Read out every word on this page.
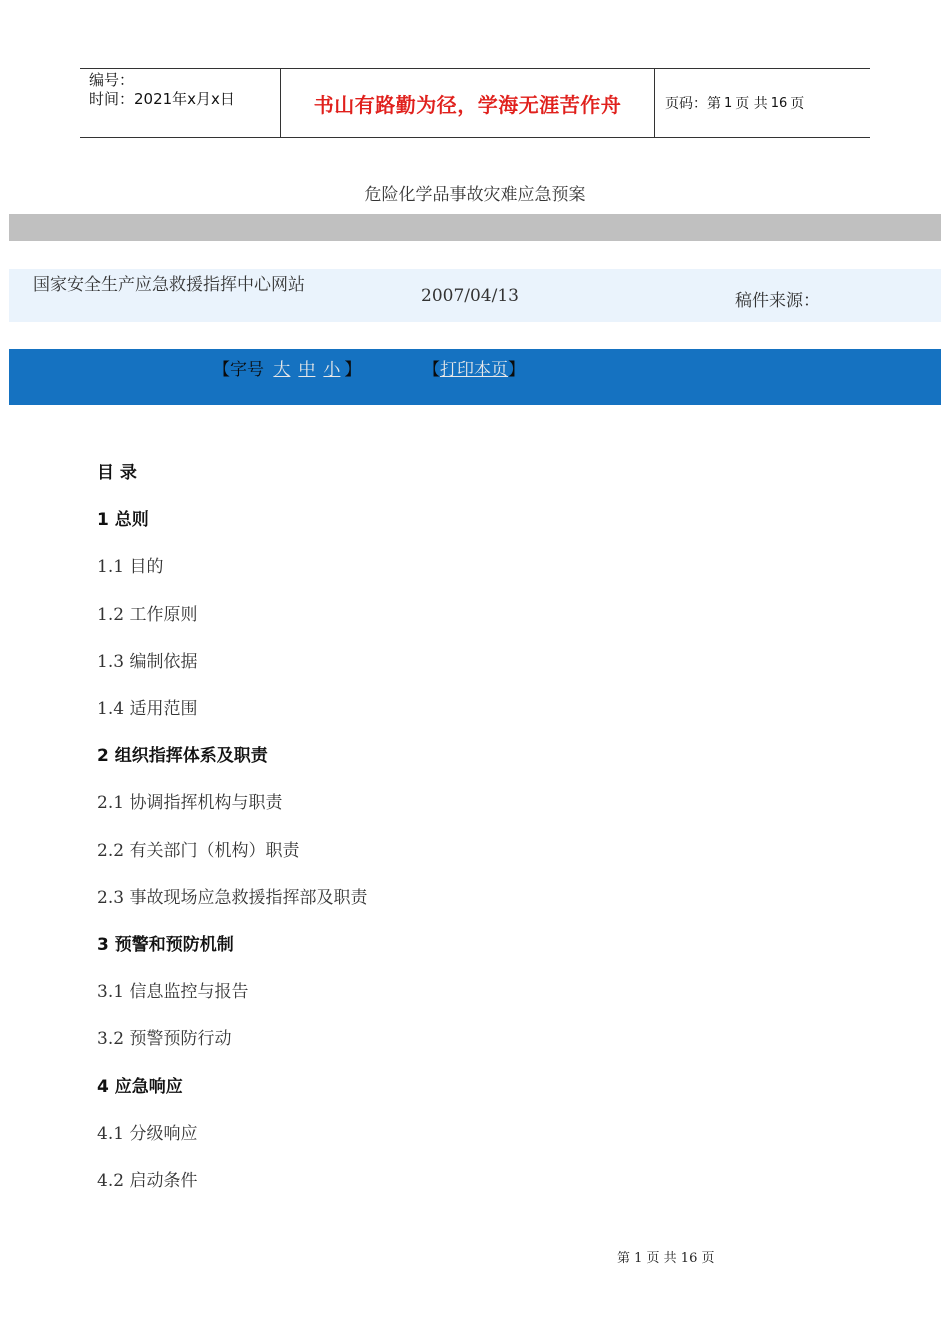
编号：
时间：2021年x月x日	书山有路勤为径，学海无涯苦作舟	页码：第 1 页 共 16 页
危险化学品事故灾难应急预案
国家安全生产应急救援指挥中心网站
2007/04/13	稿件来源：
【字号 大 中 小 】	【打印本页】
目 录
1 总则
1.1 目的
1.2 工作原则
1.3 编制依据
1.4 适用范围
2 组织指挥体系及职责
2.1 协调指挥机构与职责
2.2 有关部门（机构）职责
2.3 事故现场应急救援指挥部及职责
3 预警和预防机制
3.1 信息监控与报告
3.2 预警预防行动
4 应急响应
4.1 分级响应
4.2 启动条件
第 1 页 共 16 页
